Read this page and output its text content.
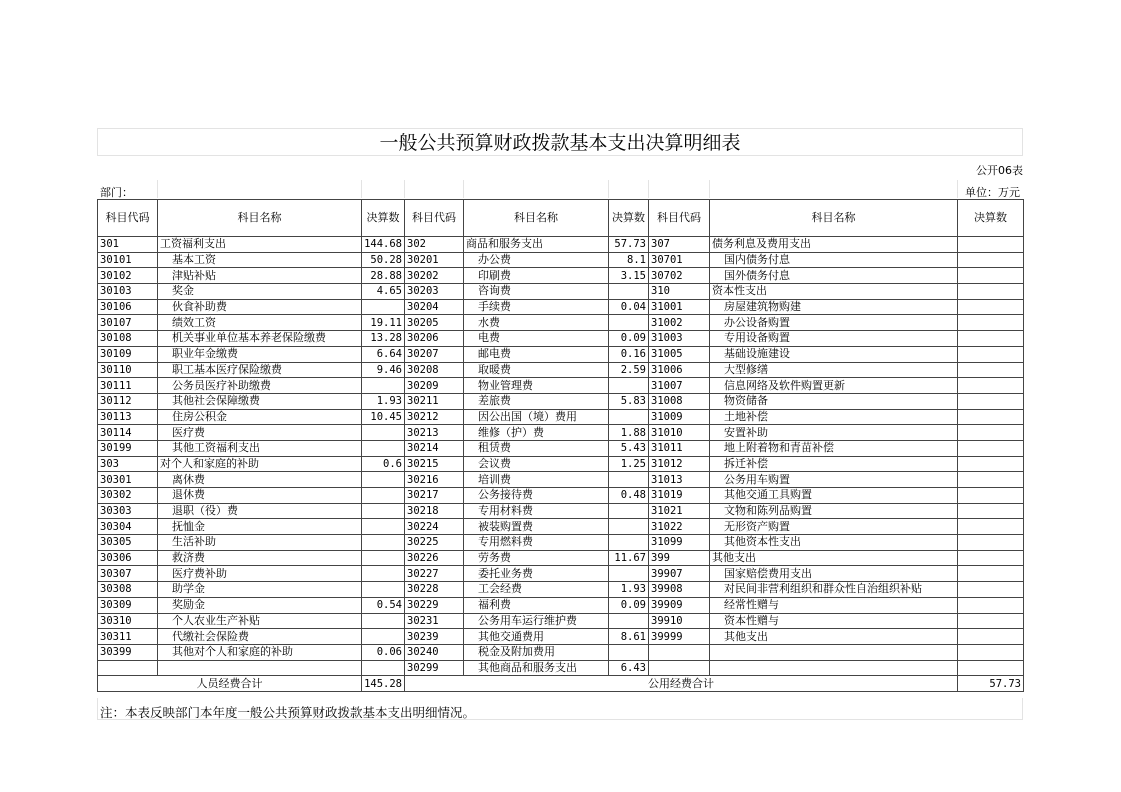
一般公共预算财政拨款基本支出决算明细表
公开06表
部门：	单位：万元
科目代码	科目名称	决算数	科目代码	科目名称	决算数	科目代码	科目名称	决算数
301	工资福利支出	144.68	302	商品和服务支出	57.73	307	债务利息及费用支出	
30101	基本工资	50.28	30201	办公费	8.1	30701	国内债务付息	
30102	津贴补贴	28.88	30202	印刷费	3.15	30702	国外债务付息	
30103	奖金	4.65	30203	咨询费		310	资本性支出	
30106	伙食补助费		30204	手续费	0.04	31001	房屋建筑物购建	
30107	绩效工资	19.11	30205	水费		31002	办公设备购置	
30108	机关事业单位基本养老保险缴费	13.28	30206	电费	0.09	31003	专用设备购置	
30109	职业年金缴费	6.64	30207	邮电费	0.16	31005	基础设施建设	
30110	职工基本医疗保险缴费	9.46	30208	取暖费	2.59	31006	大型修缮	
30111	公务员医疗补助缴费		30209	物业管理费		31007	信息网络及软件购置更新	
30112	其他社会保障缴费	1.93	30211	差旅费	5.83	31008	物资储备	
30113	住房公积金	10.45	30212	因公出国（境）费用		31009	土地补偿	
30114	医疗费		30213	维修（护）费	1.88	31010	安置补助	
30199	其他工资福利支出		30214	租赁费	5.43	31011	地上附着物和青苗补偿	
303	对个人和家庭的补助	0.6	30215	会议费	1.25	31012	拆迁补偿	
30301	离休费		30216	培训费		31013	公务用车购置	
30302	退休费		30217	公务接待费	0.48	31019	其他交通工具购置	
30303	退职（役）费		30218	专用材料费		31021	文物和陈列品购置	
30304	抚恤金		30224	被装购置费		31022	无形资产购置	
30305	生活补助		30225	专用燃料费		31099	其他资本性支出	
30306	救济费		30226	劳务费	11.67	399	其他支出	
30307	医疗费补助		30227	委托业务费		39907	国家赔偿费用支出	
30308	助学金		30228	工会经费	1.93	39908	对民间非营利组织和群众性自治组织补贴	
30309	奖励金	0.54	30229	福利费	0.09	39909	经常性赠与	
30310	个人农业生产补贴		30231	公务用车运行维护费		39910	资本性赠与	
30311	代缴社会保险费		30239	其他交通费用	8.61	39999	其他支出	
30399	其他对个人和家庭的补助	0.06	30240	税金及附加费用				
			30299	其他商品和服务支出	6.43			
人员经费合计		145.28	公用经费合计					57.73
注：本表反映部门本年度一般公共预算财政拨款基本支出明细情况。
